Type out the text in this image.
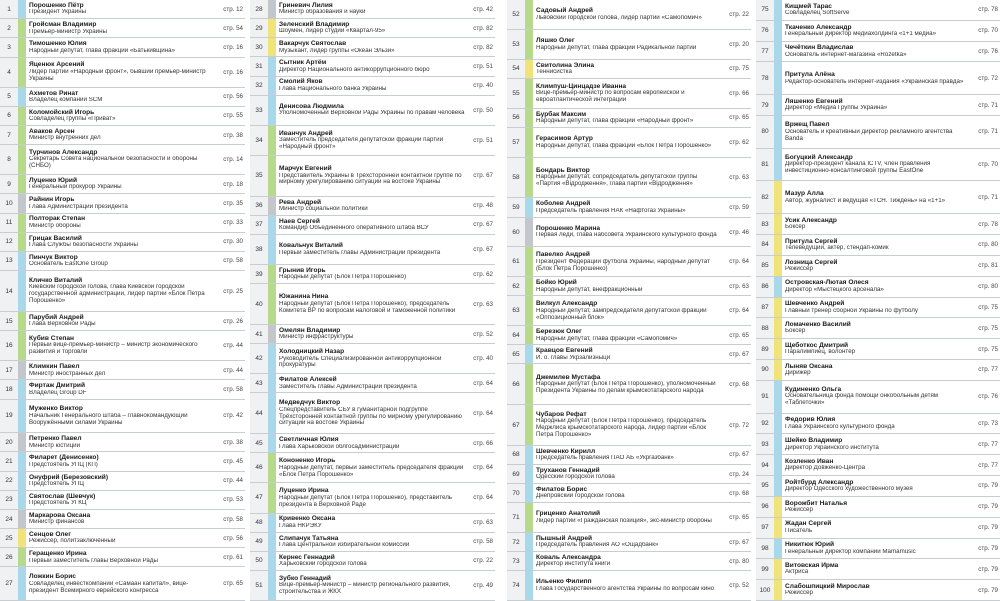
1
Порошенко Пётр
Президент Украины	стр. 12
2
Гройсман Владимир
Премьер-министр Украины	стр. 54
3
Тимошенко Юлия
Народный депутат, глава фракции «Батькивщина»	стр. 16
4
Яценюк Арсений
Лидер партии «Народный фронт», бывший премьер-министр Украины
стр. 16
5
Ахметов Ринат
Владелец компании SCM	стр. 56
6
Коломойский Игорь
Совладелец группы «Приват»	стр. 55
7
Аваков Арсен
Министр внутренних дел	стр. 38
8
Турчинов Александр
Секретарь Совета национальной безопасности и обороны (СНБО)
стр. 14
9
Луценко Юрий
Генеральный прокурор Украины	стр. 18
10
Райнин Игорь
Глава Администрации президента	стр. 35
11
Полторак Степан
Министр обороны	стр. 33
12
Грицак Василий
Глава Службы безопасности Украины	стр. 30
13
Пинчук Виктор
Основатель EastOne Group	стр. 58
14
Кличко Виталий
Киевский городской голова, глава Киевской городской государственной администрации, лидер партии «Блок Петра Порошенко»
стр. 25
15
Парубий Андрей
Глава Верховной Рады	стр. 26
16
Кубив Степан
Первый вице-премьер-министр – министр экономического развития и торговли
стр. 44
17
Климкин Павел
Министр иностранных дел	стр. 44
18
Фиртаж Дмитрий
Владелец Group DF	стр. 58
19
Муженко Виктор
Начальник Генерального штаба – главнокомандующий Вооружёнными силами Украины
стр. 42
20
Петренко Павел
Министр юстиции	стр. 38
21
Филарет (Денисенко)
Предстоятель УПЦ (КП)	стр. 45
22
Онуфрий (Березовский)
Предстоятель УПЦ	стр. 44
23
Святослав (Шевчук)
Предстоятель УГКЦ	стр. 53
24
Маркарова Оксана
Министр финансов	стр. 58
25
Сенцов Олег
Режиссёр, политзаключённый	стр. 56
26
Геращенко Ирина
Первый заместитель главы Верховной Рады	стр. 61
27
Ложкин Борис
Совладелец инвесткомпании «Самаан капитал», вице-президент Всемирного еврейского конгресса
стр. 65
28
Гриневич Лилия
Министр образования и науки	стр. 42
29
Зеленский Владимир
Шоумен, лидер студии «Квартал-95»	стр. 82
30
Вакарчук Святослав
Музыкант, лидер группы «Океан Эльзи»	стр. 82
31
Сытник Артём
Директор Национального антикоррупционного бюро	стр. 51
32
Смолий Яков
Глава Национального банка Украины	стр. 40
33
Денисова Людмила
Уполномоченный Верховной Рады Украины по правам человека	стр. 50
34
Иванчук Андрей
Заместитель председателя депутатской фракции партии «Народный фронт»
стр. 51
35
Марчук Евгений
Представитель Украины в Трёхсторонней контактной группе по мирному урегулированию ситуации на востоке Украины
стр. 67
36
Рева Андрей
Министр социальной политики	стр. 48
37
Наев Сергей
Командир Объединённого оперативного штаба ВСУ	стр. 67
38
Ковальчук Виталий
Первый заместитель главы Администрации президента	стр. 67
39
Грынив Игорь
Народный депутат (Блок Петра Порошенко)	стр. 62
40
Южанина Нина
Народный депутат (Блок Петра Порошенко), председатель Комитета ВР по вопросам налоговой и таможенной политики
стр. 63
41
Омелян Владимир
Министр инфраструктуры	стр. 52
42
Холодницкий Назар
Руководитель Специализированной антикоррупционной прокуратуры
стр. 40
43
Филатов Алексей
Заместитель главы Администрации президента	стр. 64
44
Медведчук Виктор
Спецпредставитель СБУ в гуманитарной подгруппе Трёхсторонней контактной группы по мирному урегулированию ситуации на востоке Украины
стр. 64
45
Светличная Юлия
Глава Харьковской облгосадминистрации	стр. 66
46
Кононенко Игорь
Народный депутат, первый заместитель председателя фракции «Блок Петра Порошенко»
стр. 64
47
Луценко Ирина
Народный депутат (Блок Петра Порошенко), представитель президента в Верховной Раде
стр. 64
48
Кривенко Оксана
Глава НКРЭКУ	стр. 63
49
Слипачук Татьяна
Глава Центральной избирательной комиссии	стр. 58
50
Кернес Геннадий
Харьковский городской голова	стр. 22
51
Зубко Геннадий
Вице-премьер-министр – министр регионального развития, строительства и ЖКХ
стр. 49
52
Садовый Андрей
Львовский городской голова, лидер партии «Самопомич»	стр. 22
53
Ляшко Олег
Народный депутат, глава фракции Радикальной партии	стр. 20
54
Свитолина Элина
Теннисистка	стр. 75
55
Климпуш-Цинцадзе Иванна
Вице-премьер-министр по вопросам европейской и евроатлантической интеграции
стр. 66
56
Бурбак Максим
Народный депутат, глава фракции «Народный фронт»	стр. 65
57
Герасимов Артур
Народный депутат, глава фракции «Блок Петра Порошенко»	стр. 62
58
Бондарь Виктор
Народный депутат, сопредседатель депутатской группы «Партия «Відродження», глава партии «Відродження»
стр. 63
59
Коболев Андрей
Председатель правления НАК «Нафтогаз Украины»	стр. 59
60
Порошенко Марина
Первая леди, глава набсовета Украинского культурного фонда	стр. 46
61
Павелко Андрей
Президент Федерации футбола Украины, народный депутат (Блок Петра Порошенко)
стр. 64
62
Бойко Юрий
Народный депутат, внефракционный	стр. 63
63
Вилкул Александр
Народный депутат, зампредседателя депутатской фракции «Оппозиционный блок»
стр. 64
64
Березюк Олег
Народный депутат, глава фракции «Самопомич»	стр. 65
65
Кравцов Евгений
И. о. главы Укрзализныци	стр. 67
66
Джемилев Мустафа
Народный депутат (Блок Петра Порошенко), уполномоченный Президента Украины по делам крымскотатарского народа
стр. 68
67
Чубаров Рефат
Народный депутат (Блок Петра Порошенко), председатель Меджлиса крымскотатарского народа, лидер партии «Блок Петра Порошенко»
стр. 72
68
Шевченко Кирилл
Председатель правления ПАО АБ «Укргазбанк»	стр. 67
69
Труханов Геннадий
Одесский городской голова	стр. 24
70
Филатов Борис
Днепровский городской голова	стр. 68
71
Гриценко Анатолий
Лидер партии «Гражданская позиция», экс-министр обороны	стр. 65
72
Пышный Андрей
Председатель правления АО «Ощадбанк»	стр. 67
73
Коваль Александра
Директор института книги	стр. 80
74
Ильенко Филипп
Глава Государственного агентства Украины по вопросам кино	стр. 52
75
Кищмей Тарас
Совладелец SoftServe	стр. 78
76
Ткаченко Александр
Генеральный директор медиахолдинга «1+1 медиа»	стр. 70
77
Чечёткин Владислав
Основатель интернет-магазина «Rozetka»	стр. 76
78
Притула Алёна
Редактор-основатель интернет-издания «Украинская правда»	стр. 72
79
Ляшенко Евгений
Директор «Медиа Группы Украина»	стр. 71
80
Вржещ Павел
Основатель и креативный директор рекламного агентства Banda
стр. 71
81
Богуцкий Александр
Директор-президент канала ICTV, член правления инвестиционно-консалтинговой группы EastOne
стр. 70
82
Мазур Алла
Автор, журналист и ведущая «ТСН. Тиждень» на «1+1»	стр. 71
83
Усик Александр
Боксёр	стр. 78
84
Притула Сергей
Телеведущий, актёр, стендап-комик	стр. 80
85
Лозница Сергей
Режиссёр	стр. 81
86
Островская-Лютая Олеся
Директор «Мыстецкого арсенала»	стр. 80
87
Шевченко Андрей
Главный тренер сборной Украины по футболу	стр. 75
88
Ломаченко Василий
Боксёр	стр. 75
89
Щеботкос Дмитрий
Паралимпиец, волонтёр	стр. 75
90
Лыняв Оксана
Дирижёр	стр. 77
91
Кудиненко Ольга
Основательница фонда помощи онкобольным детям «Таблеточки»
стр. 76
92
Федорив Юлия
Глава Украинского культурного фонда	стр. 73
93
Шейко Владимир
Директор Украинского института	стр. 77
94
Козленко Иван
Директор Довженко-Центра	стр. 77
95
Ройтбурд Александр
Директор Одесского художественного музея	стр. 79
96
Ворожбит Наталья
Режиссёр	стр. 79
97
Жадан Сергей
Писатель	стр. 79
98
Никитюк Юрий
Генеральный директор компании Mamamusic	стр. 79
99
Витовская Ирма
Актриса	стр. 79
100
Слабошпицкий Мирослав
Режиссёр	стр. 79
